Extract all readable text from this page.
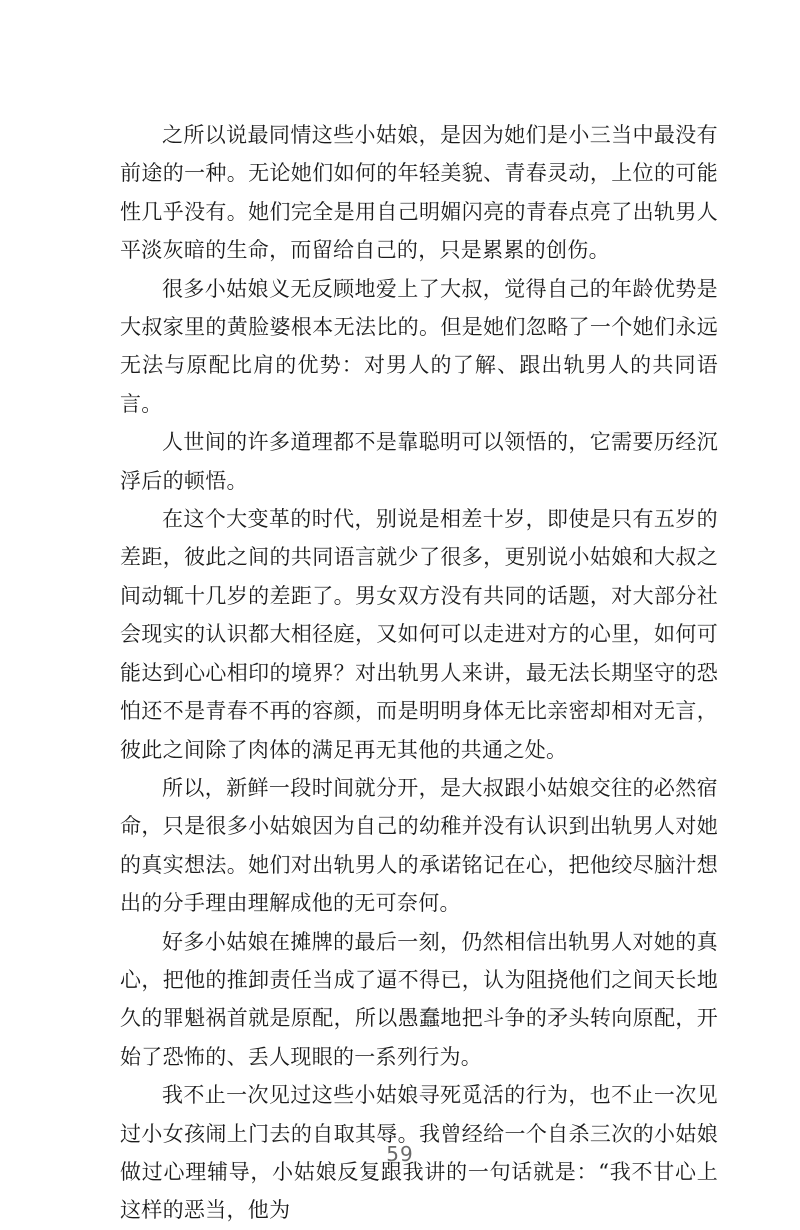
之所以说最同情这些小姑娘，是因为她们是小三当中最没有前途的一种。无论她们如何的年轻美貌、青春灵动，上位的可能性几乎没有。她们完全是用自己明媚闪亮的青春点亮了出轨男人平淡灰暗的生命，而留给自己的，只是累累的创伤。

很多小姑娘义无反顾地爱上了大叔，觉得自己的年龄优势是大叔家里的黄脸婆根本无法比的。但是她们忽略了一个她们永远无法与原配比肩的优势：对男人的了解、跟出轨男人的共同语言。

人世间的许多道理都不是靠聪明可以领悟的，它需要历经沉浮后的顿悟。

在这个大变革的时代，别说是相差十岁，即使是只有五岁的差距，彼此之间的共同语言就少了很多，更别说小姑娘和大叔之间动辄十几岁的差距了。男女双方没有共同的话题，对大部分社会现实的认识都大相径庭，又如何可以走进对方的心里，如何可能达到心心相印的境界？对出轨男人来讲，最无法长期坚守的恐怕还不是青春不再的容颜，而是明明身体无比亲密却相对无言，彼此之间除了肉体的满足再无其他的共通之处。

所以，新鲜一段时间就分开，是大叔跟小姑娘交往的必然宿命，只是很多小姑娘因为自己的幼稚并没有认识到出轨男人对她的真实想法。她们对出轨男人的承诺铭记在心，把他绞尽脑汁想出的分手理由理解成他的无可奈何。

好多小姑娘在摊牌的最后一刻，仍然相信出轨男人对她的真心，把他的推卸责任当成了逼不得已，认为阻挠他们之间天长地久的罪魁祸首就是原配，所以愚蠢地把斗争的矛头转向原配，开始了恐怖的、丢人现眼的一系列行为。

我不止一次见过这些小姑娘寻死觅活的行为，也不止一次见过小女孩闹上门去的自取其辱。我曾经给一个自杀三次的小姑娘做过心理辅导，小姑娘反复跟我讲的一句话就是：“我不甘心上这样的恶当，他为

59
